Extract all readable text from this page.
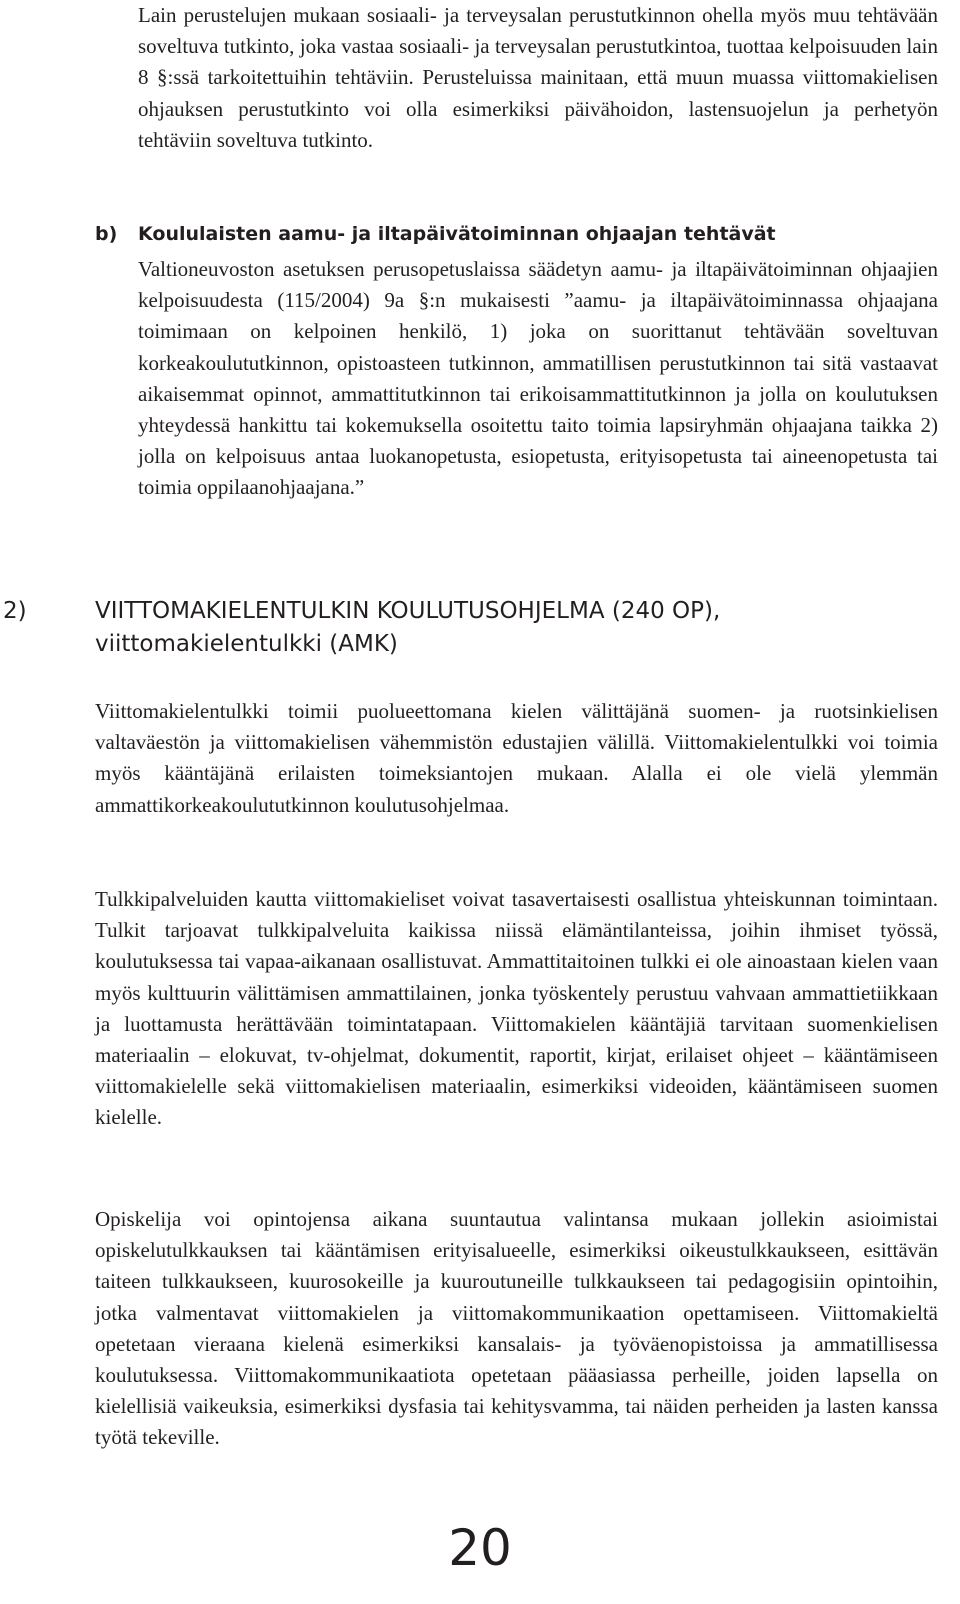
Lain perustelujen mukaan sosiaali- ja terveysalan perustutkinnon ohella myös muu tehtävään soveltuva tutkinto, joka vastaa sosiaali- ja terveysalan perustutkintoa, tuottaa kelpoisuuden lain 8 §:ssä tarkoitettuihin tehtäviin. Perusteluissa mainitaan, että muun muassa viittomakielisen ohjauksen perustutkinto voi olla esimerkiksi päivähoidon, lastensuojelun ja perhetyön tehtäviin soveltuva tutkinto.
b) Koululaisten aamu- ja iltapäivätoiminnan ohjaajan tehtävät
Valtioneuvoston asetuksen perusopetuslaissa säädetyn aamu- ja iltapäivätoiminnan ohjaajien kelpoisuudesta (115/2004) 9a §:n mukaisesti ”aamu- ja iltapäivätoiminnassa ohjaajana toimimaan on kelpoinen henkilö, 1) joka on suorittanut tehtävään soveltuvan korkeakoulututkinnon, opistoasteen tutkinnon, ammatillisen perustutkinnon tai sitä vastaavat aikaisemmat opinnot, ammattitutkinnon tai erikoisammattitutkinnon ja jolla on koulutuksen yhteydessä hankittu tai kokemuksella osoitettu taito toimia lapsiryhmän ohjaajana taikka 2) jolla on kelpoisuus antaa luokanopetusta, esiopetusta, erityisopetusta tai aineenopetusta tai toimia oppilaanohjaajana.”
2)	VIITTOMAKIELENTULKIN KOULUTUSOHJELMA (240 OP),
viittomakielentulkki (AMK)

Viittomakielentulkki toimii puolueettomana kielen välittäjänä suomen- ja ruotsinkielisen valtaväestön ja viittomakielisen vähemmistön edustajien välillä. Viittomakielentulkki voi toimia myös kääntäjänä erilaisten toimeksiantojen mukaan. Alalla ei ole vielä ylemmän ammattikorkeakoulututkinnon koulutusohjelmaa.

Tulkkipalveluiden kautta viittomakieliset voivat tasavertaisesti osallistua yhteiskunnan toimintaan. Tulkit tarjoavat tulkkipalveluita kaikissa niissä elämäntilanteissa, joihin ihmiset työssä, koulutuksessa tai vapaa-aikanaan osallistuvat. Ammattitaitoinen tulkki ei ole ainoastaan kielen vaan myös kulttuurin välittämisen ammattilainen, jonka työskentely perustuu vahvaan ammattietiikkaan ja luottamusta herättävään toimintatapaan. Viittomakielen kääntäjiä tarvitaan suomenkielisen materiaalin – elokuvat, tv-ohjelmat, dokumentit, raportit, kirjat, erilaiset ohjeet – kääntämiseen viittomakielelle sekä viittomakielisen materiaalin, esimerkiksi videoiden, kääntämiseen suomen kielelle.

Opiskelija voi opintojensa aikana suuntautua valintansa mukaan jollekin asioimistai opiskelutulkkauksen tai kääntämisen erityisalueelle, esimerkiksi oikeustulkkaukseen, esittävän taiteen tulkkaukseen, kuurosokeille ja kuuroutuneille tulkkaukseen tai pedagogisiin opintoihin, jotka valmentavat viittomakielen ja viittomakommunikaation opettamiseen. Viittomakieltä opetetaan vieraana kielenä esimerkiksi kansalais- ja työväenopistoissa ja ammatillisessa koulutuksessa. Viittomakommunikaatiota opetetaan pääasiassa perheille, joiden lapsella on kielellisiä vaikeuksia, esimerkiksi dysfasia tai kehitysvamma, tai näiden perheiden ja lasten kanssa työtä tekeville.

20
